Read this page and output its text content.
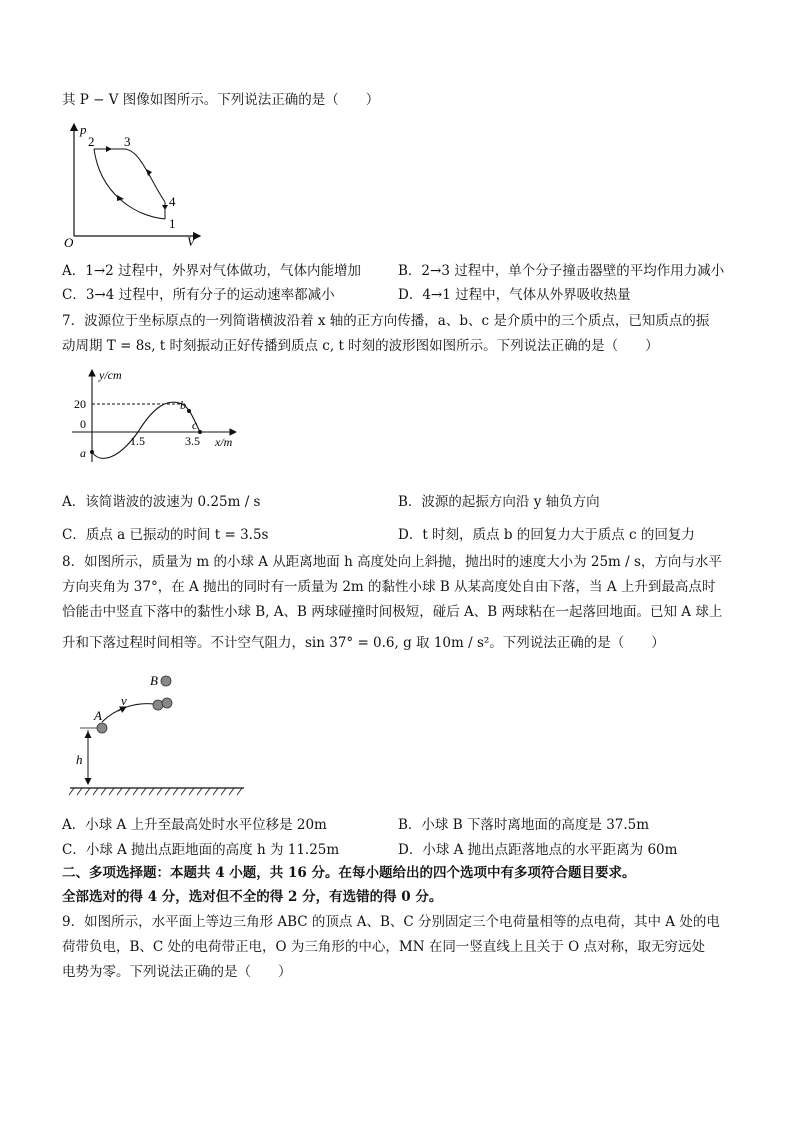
其 P − V 图像如图所示。下列说法正确的是（　　）
p
V
O
2 3
4
1
A．1→2 过程中，外界对气体做功，气体内能增加	B．2→3 过程中，单个分子撞击器壁的平均作用力减小
C．3→4 过程中，所有分子的运动速率都减小	D．4→1 过程中，气体从外界吸收热量
7．波源位于坐标原点的一列简谐横波沿着 x 轴的正方向传播，a、b、c 是介质中的三个质点，已知质点的振
动周期 T = 8s, t 时刻振动正好传播到质点 c, t 时刻的波形图如图所示。下列说法正确的是（　　）
y/cm
x/m
20
0
1.5	3.5
a
b
c
A．该简谐波的波速为 0.25m / s	B．波源的起振方向沿 y 轴负方向
C．质点 a 已振动的时间 t = 3.5s	D．t 时刻，质点 b 的回复力大于质点 c 的回复力
8．如图所示，质量为 m 的小球 A 从距离地面 h 高度处向上斜抛，抛出时的速度大小为 25m / s，方向与水平
方向夹角为 37°，在 A 抛出的同时有一质量为 2m 的黏性小球 B 从某高度处自由下落，当 A 上升到最高点时
恰能击中竖直下落中的黏性小球 B, A、B 两球碰撞时间极短，碰后 A、B 两球粘在一起落回地面。已知 A 球上
升和下落过程时间相等。不计空气阻力，sin 37° = 0.6, g 取 10m / s²。下列说法正确的是（　　）
h
v
A
B
A．小球 A 上升至最高处时水平位移是 20m	B．小球 B 下落时离地面的高度是 37.5m
C．小球 A 抛出点距地面的高度 h 为 11.25m	D．小球 A 抛出点距落地点的水平距离为 60m
二、多项选择题：本题共 4 小题，共 16 分。在每小题给出的四个选项中有多项符合题目要求。
全部选对的得 4 分，选对但不全的得 2 分，有选错的得 0 分。
9．如图所示，水平面上等边三角形 ABC 的顶点 A、B、C 分别固定三个电荷量相等的点电荷，其中 A 处的电
荷带负电，B、C 处的电荷带正电，O 为三角形的中心，MN 在同一竖直线上且关于 O 点对称，取无穷远处
电势为零。下列说法正确的是（　　）
